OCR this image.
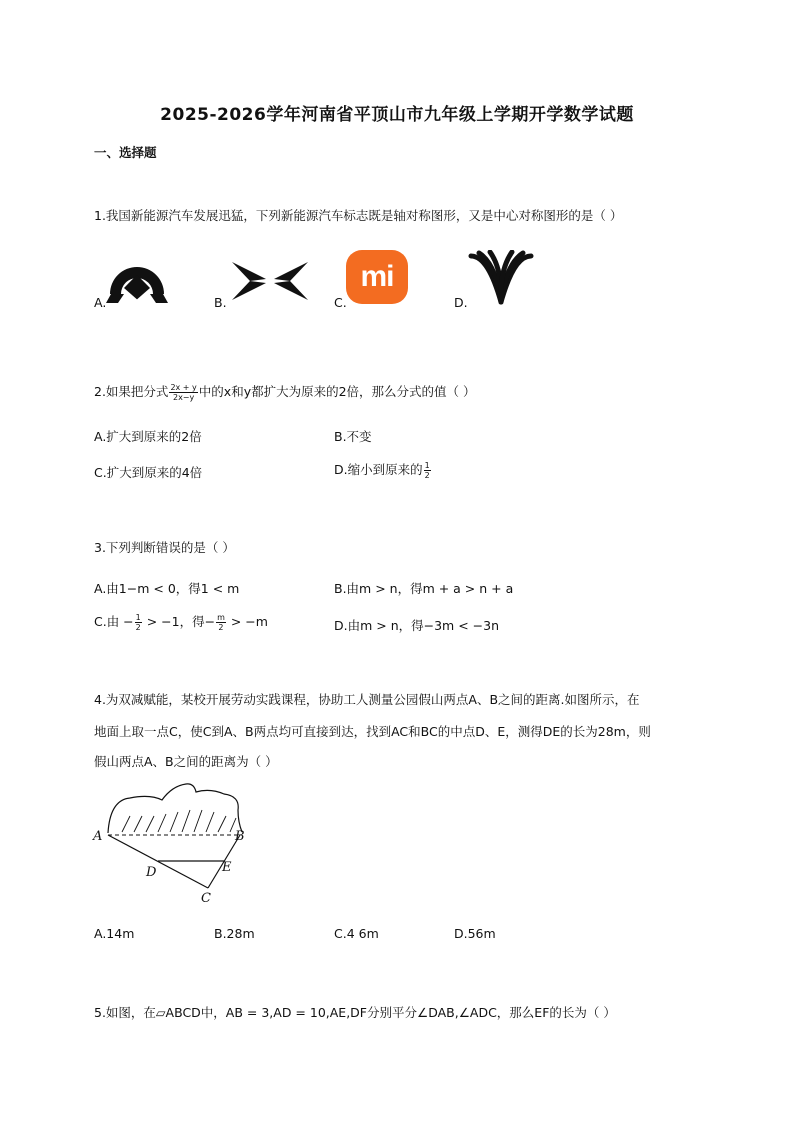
2025-2026学年河南省平顶山市九年级上学期开学数学试题
一、选择题
1.我国新能源汽车发展迅猛，下列新能源汽车标志既是轴对称图形，又是中心对称图形的是（ ）
A.	B.	C.
mi
D.
2.如果把分式 $\frac{2x + y}{2x-y}$ 中的x和y都扩大为原来的2倍，那么分式的值（ ）
A.扩大到原来的2倍	B.不变
C.扩大到原来的4倍	D.缩小到原来的 $\frac{1}{2}$
3.下列判断错误的是（ ）
A.由1−m < 0，得1 < m	B.由m > n，得m + a > n + a
C.由 − $\frac{1}{2} > -1$，得− $\frac{m}{2} > -m$	D.由m > n，得−3m < −3n
4.为双减赋能，某校开展劳动实践课程，协助工人测量公园假山两点A、B之间的距离.如图所示，在
地面上取一点C，使C到A、B两点均可直接到达，找到AC和BC的中点D、E，测得DE的长为28m，则
假山两点A、B之间的距离为（ ）
A	B
C
D	E
A.14m	B.28m	C.4 6m	D.56m
5.如图，在▱ABCD中，AB = 3,AD = 10,AE,DF分别平分∠DAB,∠ADC，那么EF的长为（ ）
